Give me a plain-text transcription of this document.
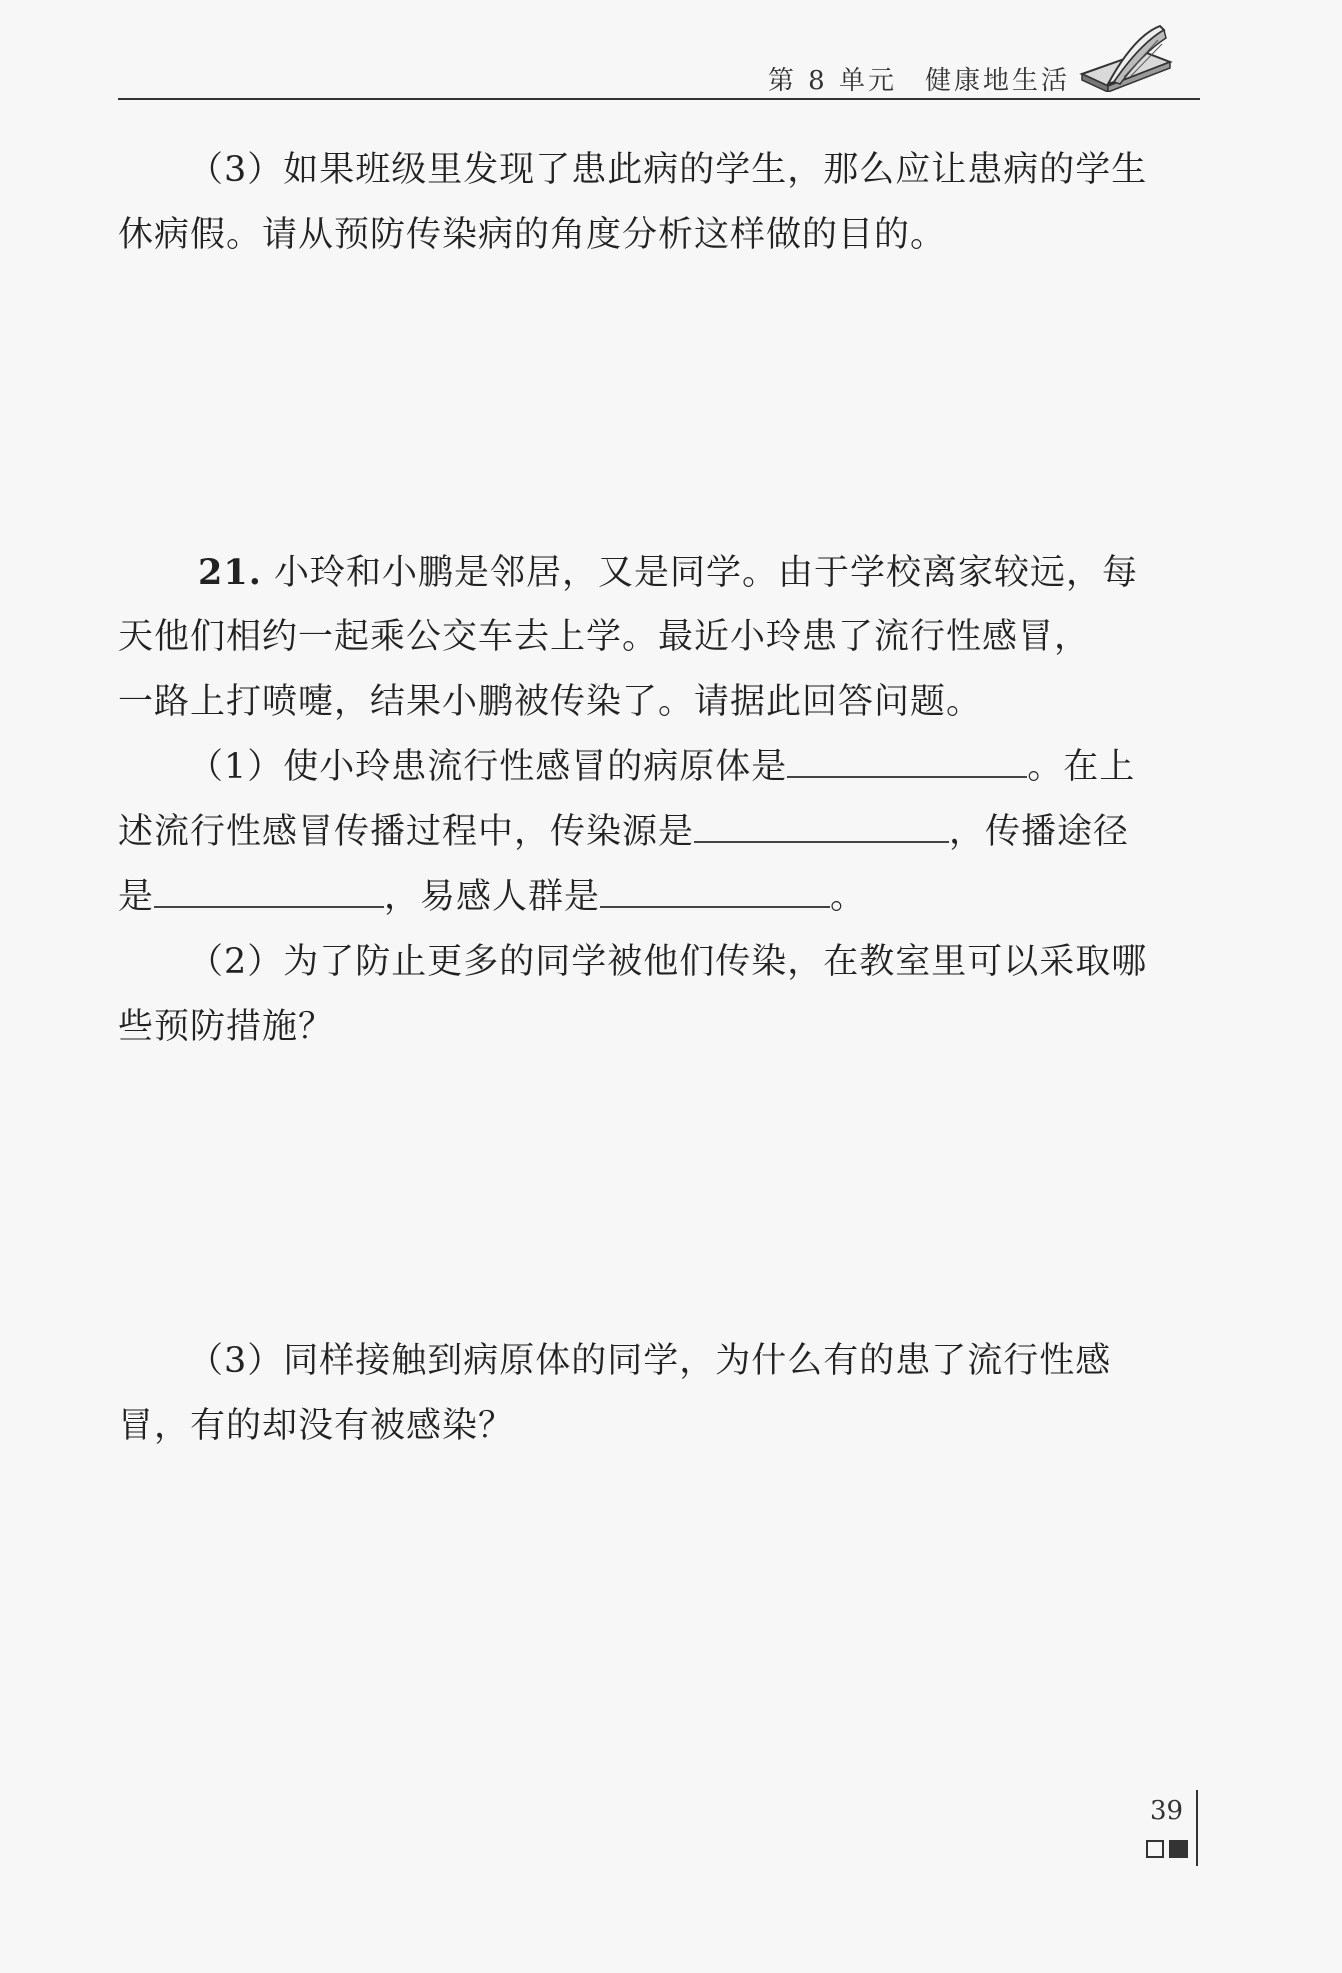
第 8 单元 健康地生活
（3）如果班级里发现了患此病的学生，那么应让患病的学生
休病假。请从预防传染病的角度分析这样做的目的。
21. 小玲和小鹏是邻居，又是同学。由于学校离家较远，每
天他们相约一起乘公交车去上学。最近小玲患了流行性感冒，
一路上打喷嚏，结果小鹏被传染了。请据此回答问题。
（1）使小玲患流行性感冒的病原体是	。在上
述流行性感冒传播过程中，传染源是	，传播途径
是	，易感人群是	。
（2）为了防止更多的同学被他们传染，在教室里可以采取哪
些预防措施？
（3）同样接触到病原体的同学，为什么有的患了流行性感
冒，有的却没有被感染？
39
